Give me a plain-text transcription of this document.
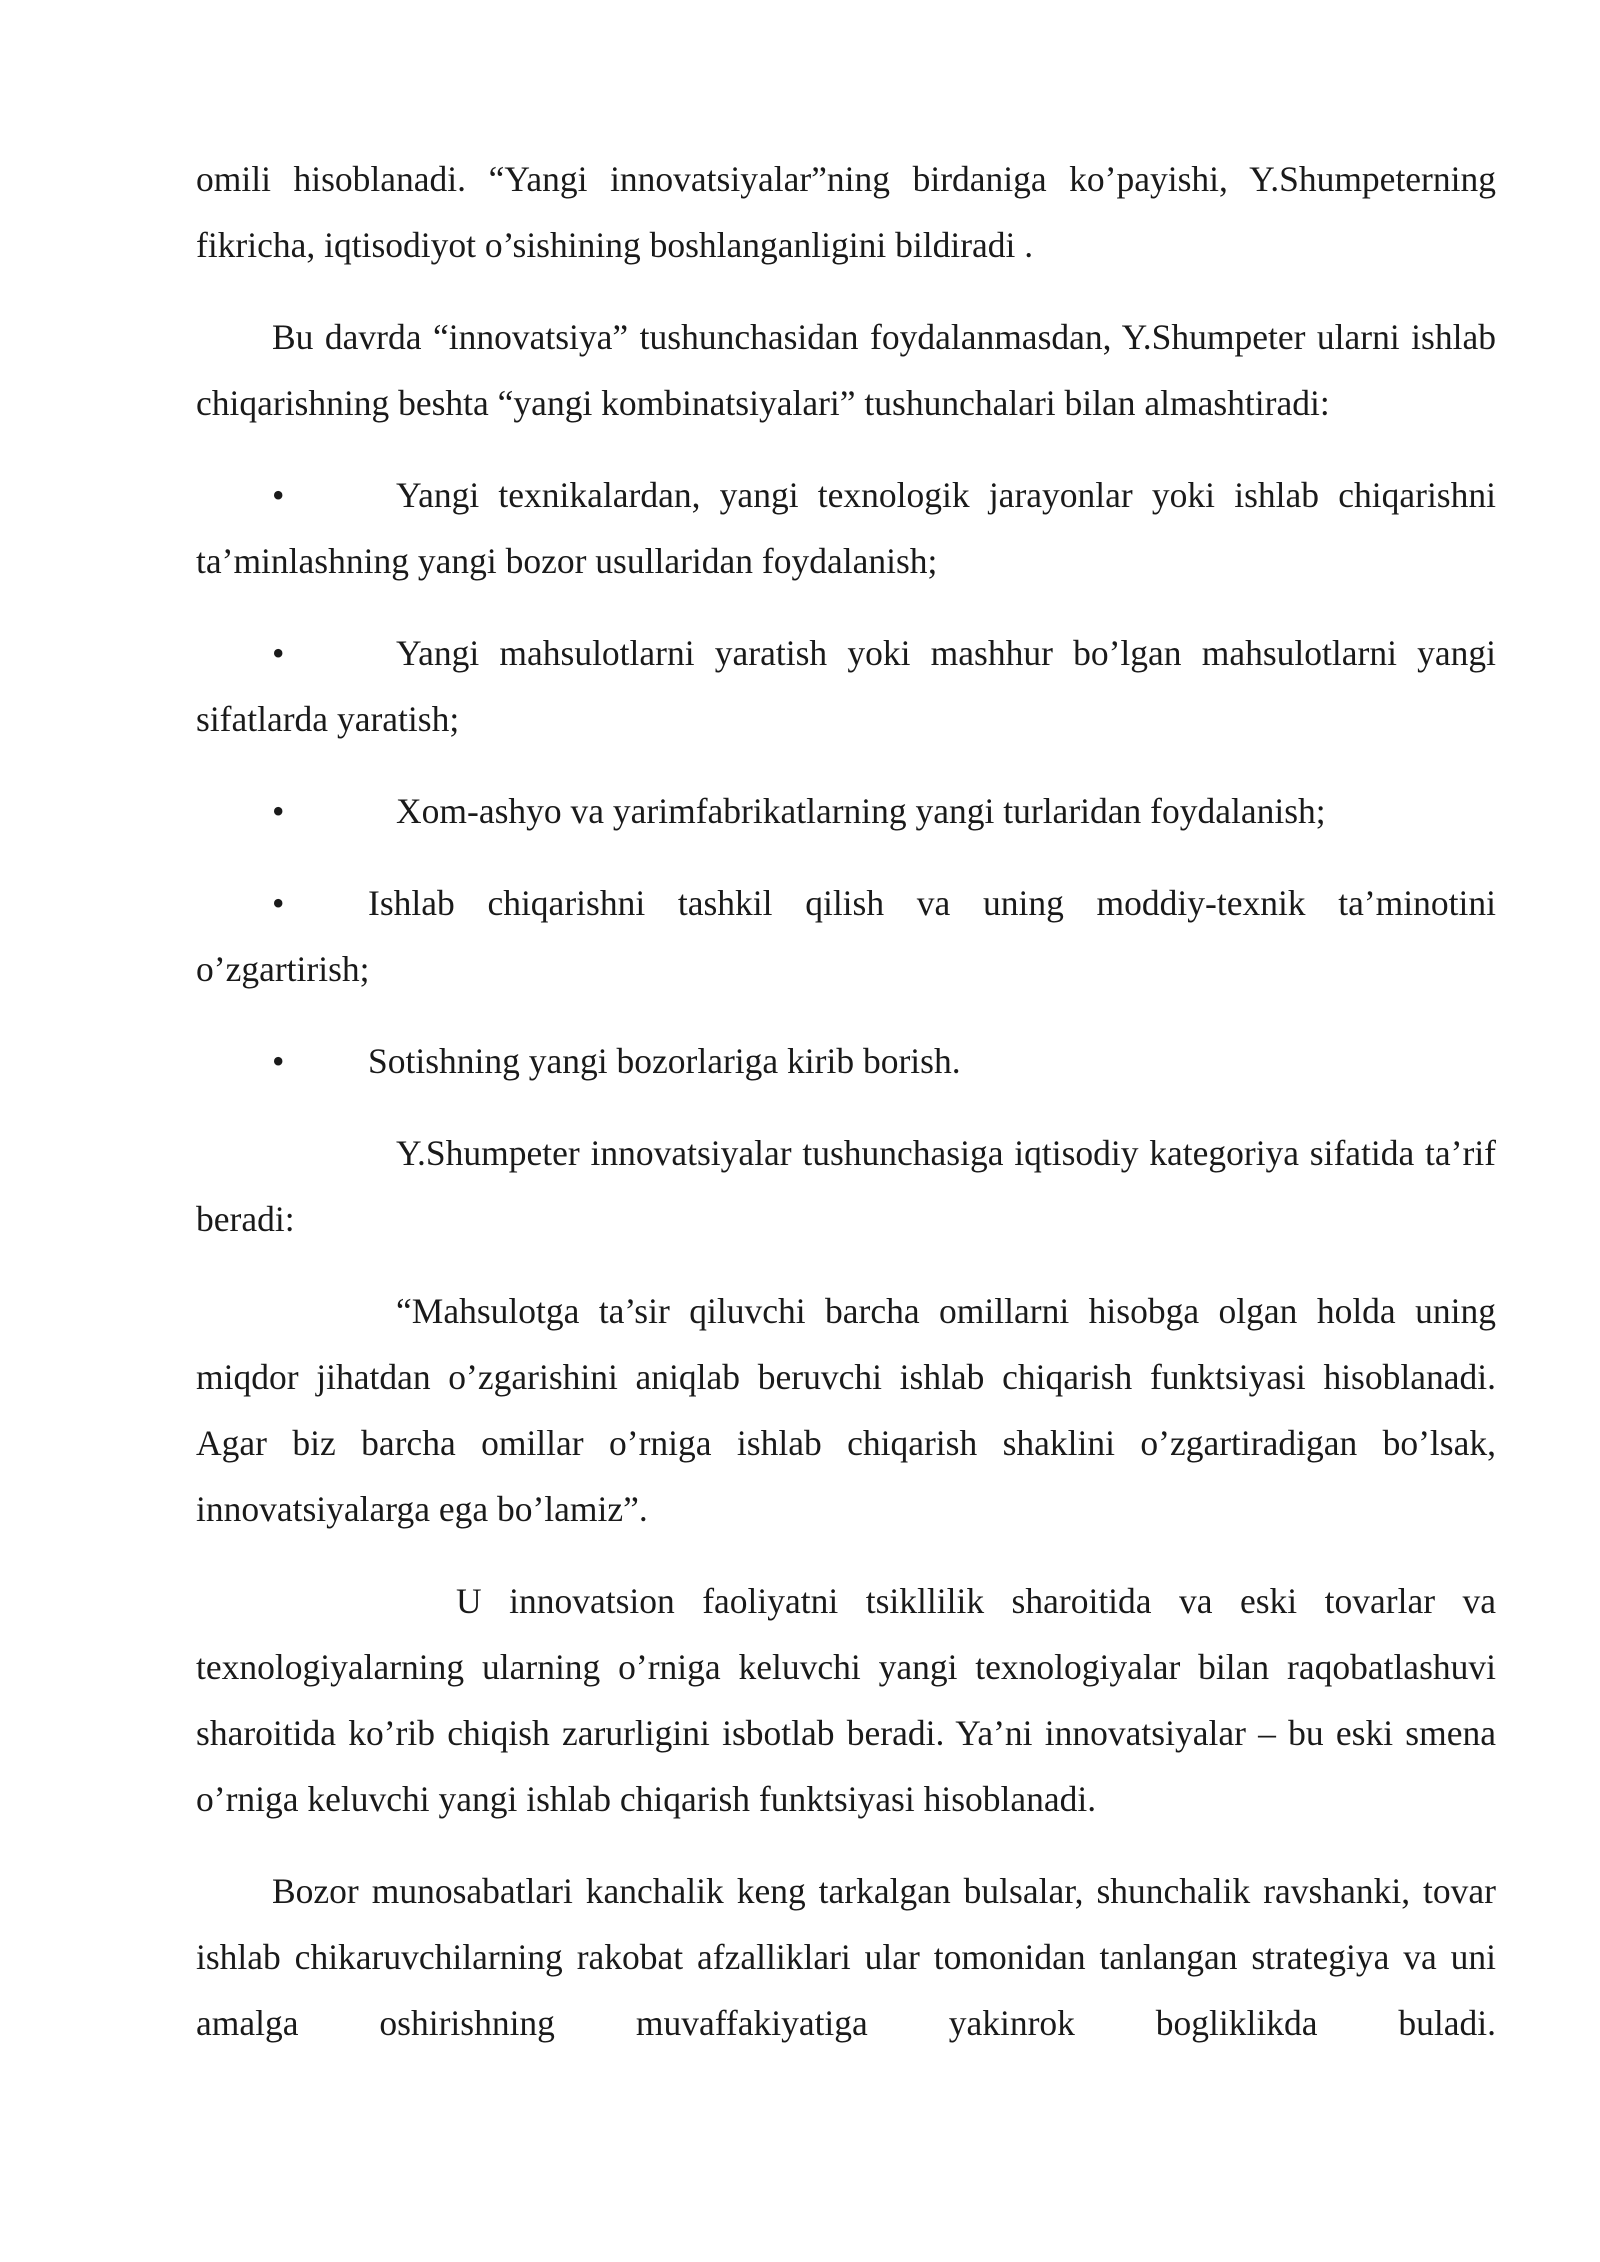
omili hisoblanadi. “Yangi innovatsiyalar”ning birdaniga ko’payishi, Y.Shumpeterning fikricha, iqtisodiyot o’sishining boshlanganligini bildiradi .

Bu davrda “innovatsiya” tushunchasidan foydalanmasdan, Y.Shumpeter ularni ishlab chiqarishning beshta “yangi kombinatsiyalari” tushunchalari bilan almashtiradi:

•	Yangi texnikalardan, yangi texnologik jarayonlar yoki ishlab chiqarishni ta’minlashning yangi bozor usullaridan foydalanish;

•	Yangi mahsulotlarni yaratish yoki mashhur bo’lgan mahsulotlarni yangi sifatlarda yaratish;

•	Xom-ashyo va yarimfabrikatlarning yangi turlaridan foydalanish;

• Ishlab chiqarishni tashkil qilish va uning moddiy-texnik ta’minotini o’zgartirish;

• Sotishning yangi bozorlariga kirib borish.

Y.Shumpeter innovatsiyalar tushunchasiga iqtisodiy kategoriya sifatida ta’rif beradi:

“Mahsulotga ta’sir qiluvchi barcha omillarni hisobga olgan holda uning miqdor jihatdan o’zgarishini aniqlab beruvchi ishlab chiqarish funktsiyasi hisoblanadi. Agar biz barcha omillar o’rniga ishlab chiqarish shaklini o’zgartiradigan bo’lsak, innovatsiyalarga ega bo’lamiz”.

U innovatsion faoliyatni tsikllilik sharoitida va eski tovarlar va texnologiyalarning ularning o’rniga keluvchi yangi texnologiyalar bilan raqobatlashuvi sharoitida ko’rib chiqish zarurligini isbotlab beradi. Ya’ni innovatsiyalar – bu eski smena o’rniga keluvchi yangi ishlab chiqarish funktsiyasi hisoblanadi.

Bozor munosabatlari kanchalik keng tarkalgan bulsalar, shunchalik ravshanki, tovar ishlab chikaruvchilarning rakobat afzalliklari ular tomonidan tanlangan strategiya va uni amalga oshirishning muvaffakiyatiga yakinrok bogliklikda buladi.
